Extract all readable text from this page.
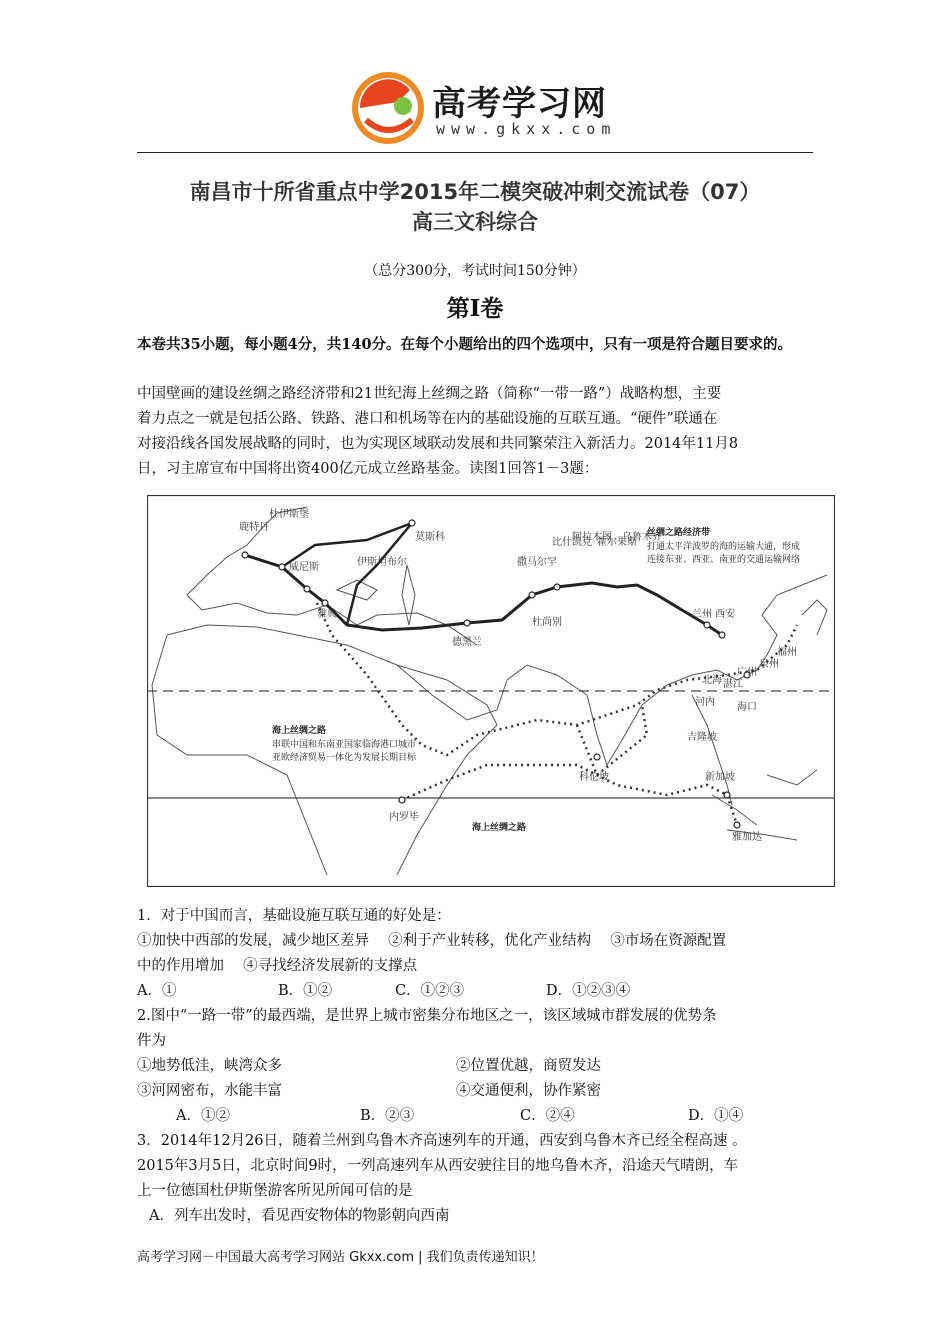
高考学习网
www.gkxx.com
南昌市十所省重点中学2015年二模突破冲刺交流试卷（07）
高三文科综合
（总分300分，考试时间150分钟）
第Ⅰ卷
本卷共35小题，每小题4分，共140分。在每个小题给出的四个选项中，只有一项是符合题目要求的。
中国壁画的建设丝绸之路经济带和21世纪海上丝绸之路（简称“一带一路”）战略构想，主要
着力点之一就是包括公路、铁路、港口和机场等在内的基础设施的互联互通。“硬件”联通在
对接沿线各国发展战略的同时，也为实现区域联动发展和共同繁荣注入新活力。2014年11月8
日，习主席宣布中国将出资400亿元成立丝路基金。读图1回答1－3题：
丝绸之路经济带
打通太平洋波罗的海的运输大通，形成
连接东亚、西亚、南亚的交通运输网络
海上丝绸之路
串联中国和东南亚国家临海港口城市
亚欧经济贸易一体化为发展长期目标
海上丝绸之路
鹿特丹
杜伊斯堡
莫斯科
威尼斯	伊斯坦布尔
雅典
德黑兰
撒马尔罕
杜尚别
比什凯克
阿拉木图
霍尔果斯
乌鲁木齐
兰州 西安
福州
泉州
广州
湛江
北海
海口
河内
吉隆坡
新加坡
雅加达
科伦坡
内罗毕
1．对于中国而言，基础设施互联互通的好处是：
①加快中西部的发展，减少地区差异　 ②利于产业转移，优化产业结构　 ③市场在资源配置
中的作用增加　 ④寻找经济发展新的支撑点
A．①	B．①②	C．①②③	D．①②③④
2.图中“一路一带”的最西端，是世界上城市密集分布地区之一，该区域城市群发展的优势条
件为
①地势低洼，峡湾众多	②位置优越，商贸发达
③河网密布，水能丰富	④交通便利，协作紧密
A．①②	B．②③	C．②④	D．①④
3．2014年12月26日，随着兰州到乌鲁木齐高速列车的开通，西安到乌鲁木齐已经全程高速 。
2015年3月5日，北京时间9时，一列高速列车从西安驶往目的地乌鲁木齐，沿途天气晴朗，车
上一位德国杜伊斯堡游客所见所闻可信的是
A．列车出发时，看见西安物体的物影朝向西南
高考学习网－中国最大高考学习网站 Gkxx.com | 我们负责传递知识！
